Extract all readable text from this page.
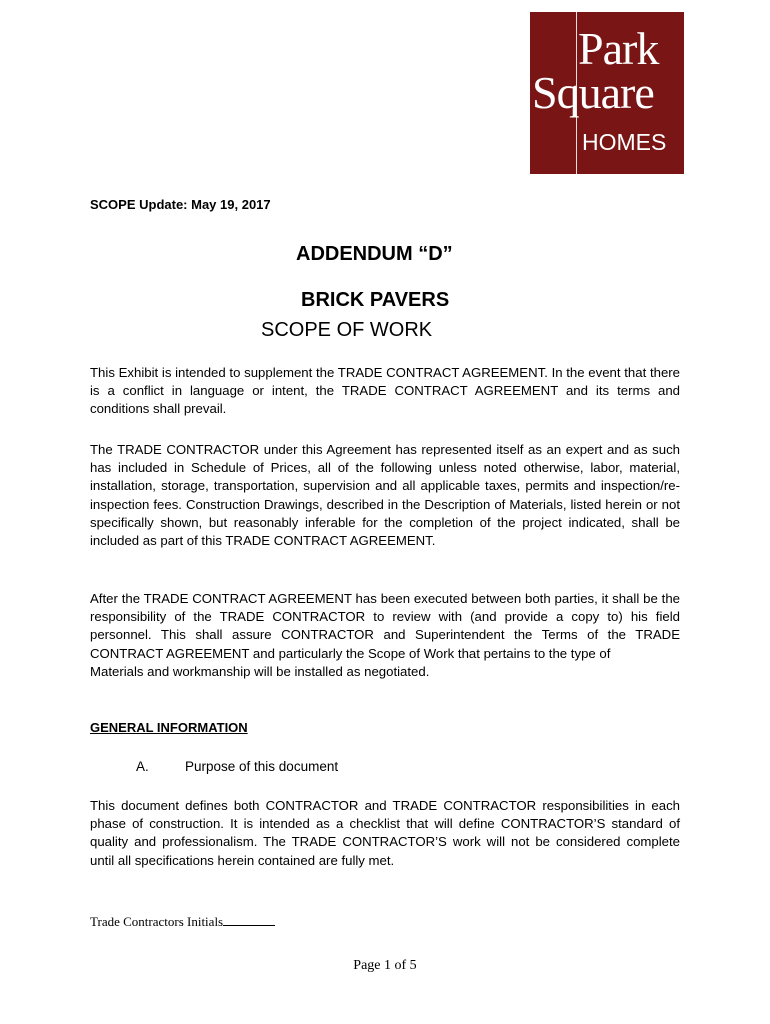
Park
Square
HOMES
SCOPE Update: May 19, 2017
ADDENDUM “D”
BRICK PAVERS
SCOPE OF WORK

This Exhibit is intended to supplement the TRADE CONTRACT AGREEMENT. In the event that there is a conflict in language or intent, the TRADE CONTRACT AGREEMENT and its terms and conditions shall prevail.

The TRADE CONTRACTOR under this Agreement has represented itself as an expert and as such has included in Schedule of Prices, all of the following unless noted otherwise, labor, material, installation, storage, transportation, supervision and all applicable taxes, permits and inspection/re-inspection fees. Construction Drawings, described in the Description of Materials, listed herein or not specifically shown, but reasonably inferable for the completion of the project indicated, shall be included as part of this TRADE CONTRACT AGREEMENT.

After the TRADE CONTRACT AGREEMENT has been executed between both parties, it shall be the responsibility of the TRADE CONTRACTOR to review with (and provide a copy to) his field personnel. This shall assure CONTRACTOR and Superintendent the Terms of the TRADE CONTRACT AGREEMENT and particularly the Scope of Work that pertains to the type of
Materials and workmanship will be installed as negotiated.
GENERAL INFORMATION
A.	Purpose of this document

This document defines both CONTRACTOR and TRADE CONTRACTOR responsibilities in each phase of construction. It is intended as a checklist that will define CONTRACTOR’S standard of quality and professionalism. The TRADE CONTRACTOR’S work will not be considered complete until all specifications herein contained are fully met.

Trade Contractors Initials
Page 1 of 5
